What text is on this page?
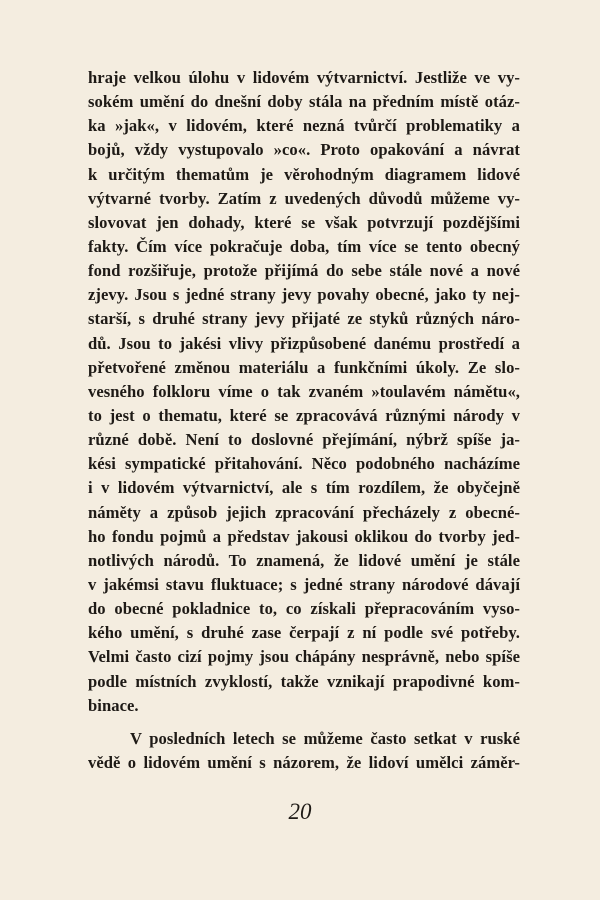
hraje velkou úlohu v lidovém výtvarnictví. Jestliže ve vy-
sokém umění do dnešní doby stála na předním místě otáz-
ka »jak«, v lidovém, které nezná tvůrčí problematiky a
bojů, vždy vystupovalo »co«. Proto opakování a návrat
k určitým thematům je věrohodným diagramem lidové
výtvarné tvorby. Zatím z uvedených důvodů můžeme vy-
slovovat jen dohady, které se však potvrzují pozdějšími
fakty. Čím více pokračuje doba, tím více se tento obecný
fond rozšiřuje, protože přijímá do sebe stále nové a nové
zjevy. Jsou s jedné strany jevy povahy obecné, jako ty nej-
starší, s druhé strany jevy přijaté ze styků různých náro-
dů. Jsou to jakési vlivy přizpůsobené danému prostředí a
přetvořené změnou materiálu a funkčními úkoly. Ze slo-
vesného folkloru víme o tak zvaném »toulavém námětu«,
to jest o thematu, které se zpracovává různými národy v
různé době. Není to doslovné přejímání, nýbrž spíše ja-
kési sympatické přitahování. Něco podobného nacházíme
i v lidovém výtvarnictví, ale s tím rozdílem, že obyčejně
náměty a způsob jejich zpracování přecházely z obecné-
ho fondu pojmů a představ jakousi oklikou do tvorby jed-
notlivých národů. To znamená, že lidové umění je stále
v jakémsi stavu fluktuace; s jedné strany národové dávají
do obecné pokladnice to, co získali přepracováním vyso-
kého umění, s druhé zase čerpají z ní podle své potřeby.
Velmi často cizí pojmy jsou chápány nesprávně, nebo spíše
podle místních zvyklostí, takže vznikají prapodivné kom-
binace.
V posledních letech se můžeme často setkat v ruské
vědě o lidovém umění s názorem, že lidoví umělci záměr-
20
